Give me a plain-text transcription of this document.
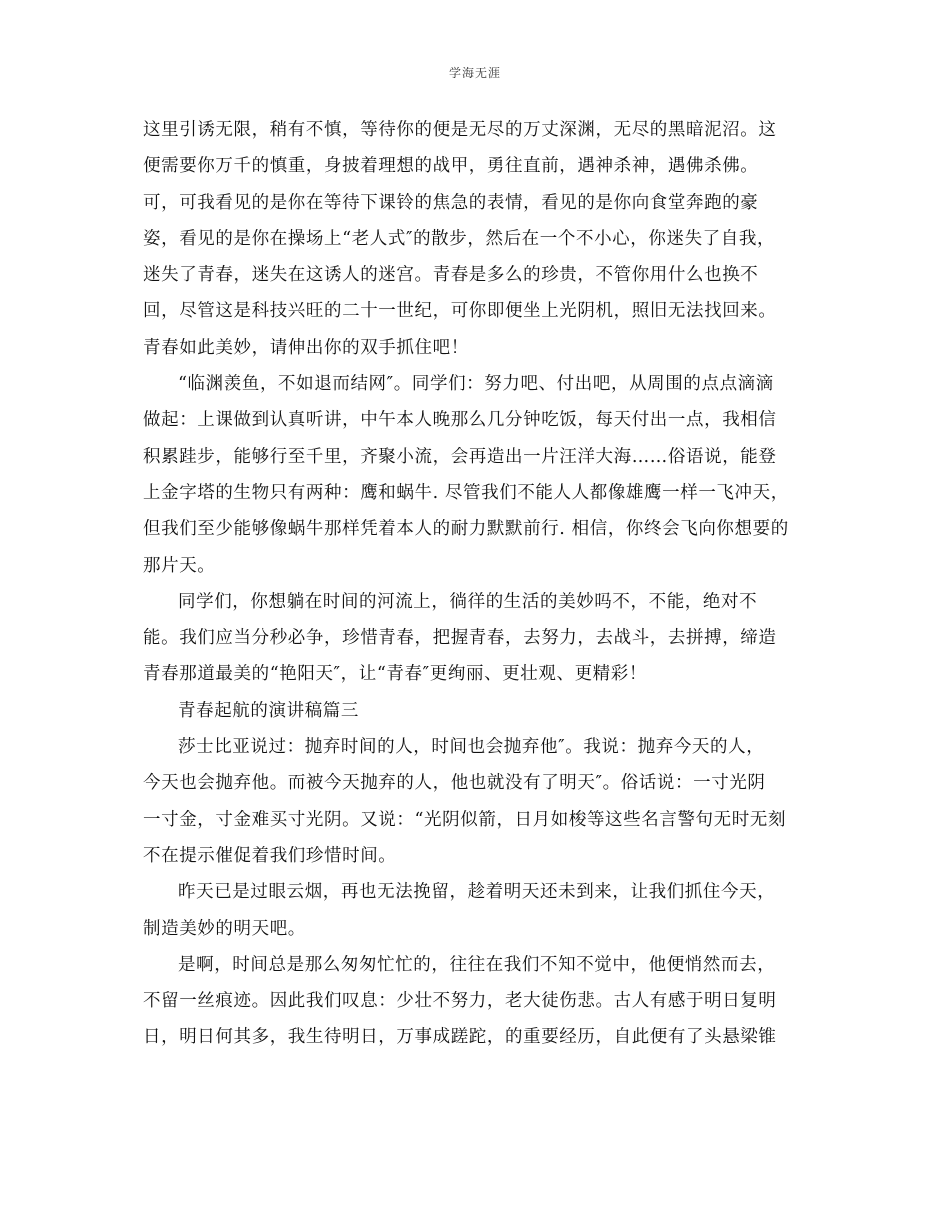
学海无涯
这里引诱无限，稍有不慎，等待你的便是无尽的万丈深渊，无尽的黑暗泥沼。这
便需要你万千的慎重，身披着理想的战甲，勇往直前，遇神杀神，遇佛杀佛。
可，可我看见的是你在等待下课铃的焦急的表情，看见的是你向食堂奔跑的豪
姿，看见的是你在操场上“老人式″的散步，然后在一个不小心，你迷失了自我，
迷失了青春，迷失在这诱人的迷宫。青春是多么的珍贵，不管你用什么也换不
回，尽管这是科技兴旺的二十一世纪，可你即便坐上光阴机，照旧无法找回来。
青春如此美妙，请伸出你的双手抓住吧！
“临渊羡鱼，不如退而结网″。同学们：努力吧、付出吧，从周围的点点滴滴
做起：上课做到认真听讲，中午本人晚那么几分钟吃饭，每天付出一点，我相信
积累跬步，能够行至千里，齐聚小流，会再造出一片汪洋大海……俗语说，能登
上金字塔的生物只有两种：鹰和蜗牛. 尽管我们不能人人都像雄鹰一样一飞冲天，
但我们至少能够像蜗牛那样凭着本人的耐力默默前行. 相信，你终会飞向你想要的
那片天。
同学们，你想躺在时间的河流上，徜徉的生活的美妙吗不，不能，绝对不
能。我们应当分秒必争，珍惜青春，把握青春，去努力，去战斗，去拼搏，缔造
青春那道最美的“艳阳天″，让“青春″更绚丽、更壮观、更精彩！
青春起航的演讲稿篇三
莎士比亚说过：抛弃时间的人，时间也会抛弃他″。我说：抛弃今天的人，
今天也会抛弃他。而被今天抛弃的人，他也就没有了明天″。俗话说：一寸光阴
一寸金，寸金难买寸光阴。又说：“光阴似箭，日月如梭等这些名言警句无时无刻
不在提示催促着我们珍惜时间。
昨天已是过眼云烟，再也无法挽留，趁着明天还未到来，让我们抓住今天，
制造美妙的明天吧。
是啊，时间总是那么匆匆忙忙的，往往在我们不知不觉中，他便悄然而去，
不留一丝痕迹。因此我们叹息：少壮不努力，老大徒伤悲。古人有感于明日复明
日，明日何其多，我生待明日，万事成蹉跎，的重要经历，自此便有了头悬梁锥
